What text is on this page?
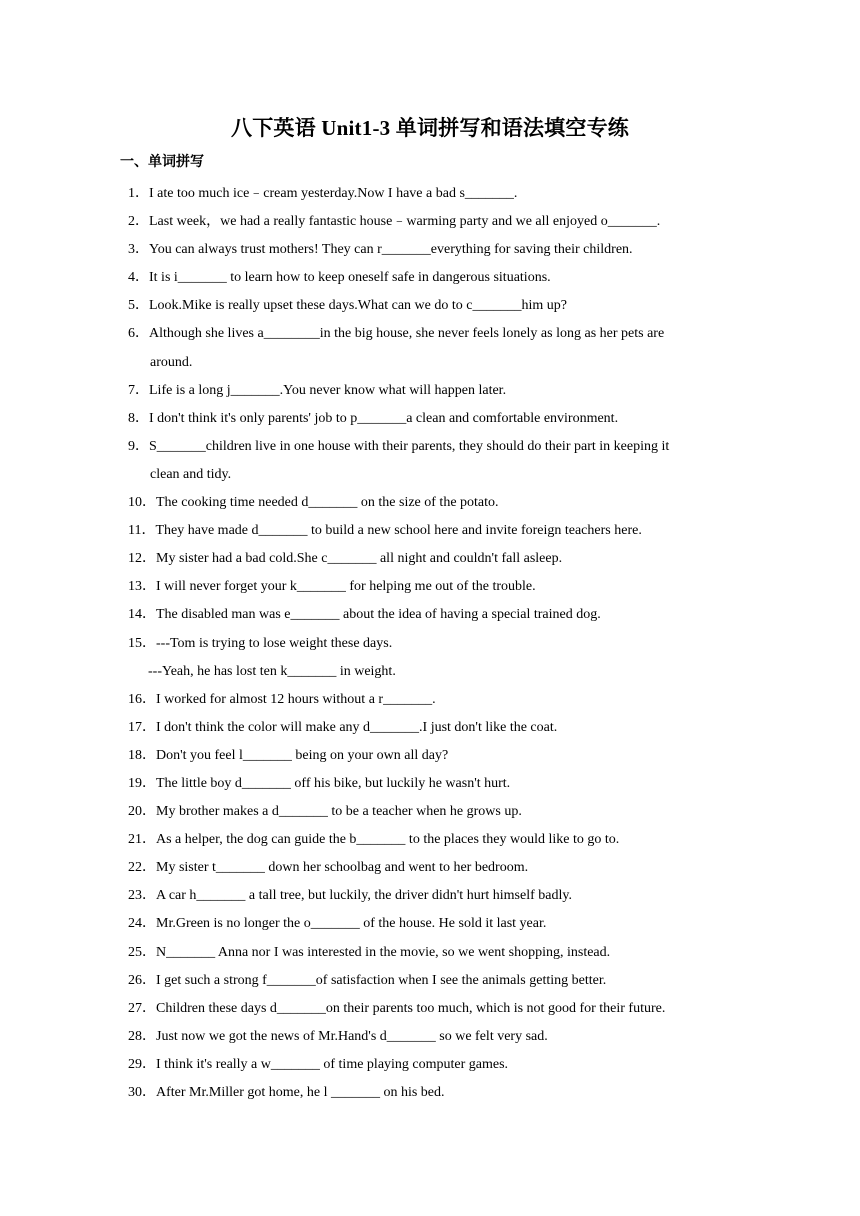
八下英语 Unit1-3 单词拼写和语法填空专练
一、单词拼写
1．I ate too much ice﹣cream yesterday.Now I have a bad s_______.
2．Last week，we had a really fantastic house﹣warming party and we all enjoyed o_______.
3．You can always trust mothers! They can r_______everything for saving their children.
4．It is i_______ to learn how to keep oneself safe in dangerous situations.
5．Look.Mike is really upset these days.What can we do to c_______him up?
6．Although she lives a________in the big house, she never feels lonely as long as her pets are
around.
7．Life is a long j_______.You never know what will happen later.
8．I don't think it's only parents' job to p_______a clean and comfortable environment.
9．S_______children live in one house with their parents, they should do their part in keeping it
clean and tidy.
10．The cooking time needed d_______ on the size of the potato.
11．They have made d_______ to build a new school here and invite foreign teachers here.
12．My sister had a bad cold.She c_______ all night and couldn't fall asleep.
13．I will never forget your k_______ for helping me out of the trouble.
14．The disabled man was e_______ about the idea of having a special trained dog.
15．---Tom is trying to lose weight these days.
---Yeah, he has lost ten k_______ in weight.
16．I worked for almost 12 hours without a r_______.
17．I don't think the color will make any d_______.I just don't like the coat.
18．Don't you feel l_______ being on your own all day?
19．The little boy d_______ off his bike, but luckily he wasn't hurt.
20．My brother makes a d_______ to be a teacher when he grows up.
21．As a helper, the dog can guide the b_______ to the places they would like to go to.
22．My sister t_______ down her schoolbag and went to her bedroom.
23．A car h_______ a tall tree, but luckily, the driver didn't hurt himself badly.
24．Mr.Green is no longer the o_______ of the house. He sold it last year.
25．N_______ Anna nor I was interested in the movie, so we went shopping, instead.
26．I get such a strong f_______of satisfaction when I see the animals getting better.
27．Children these days d_______on their parents too much, which is not good for their future.
28．Just now we got the news of Mr.Hand's d_______ so we felt very sad.
29．I think it's really a w_______ of time playing computer games.
30．After Mr.Miller got home, he l _______ on his bed.
